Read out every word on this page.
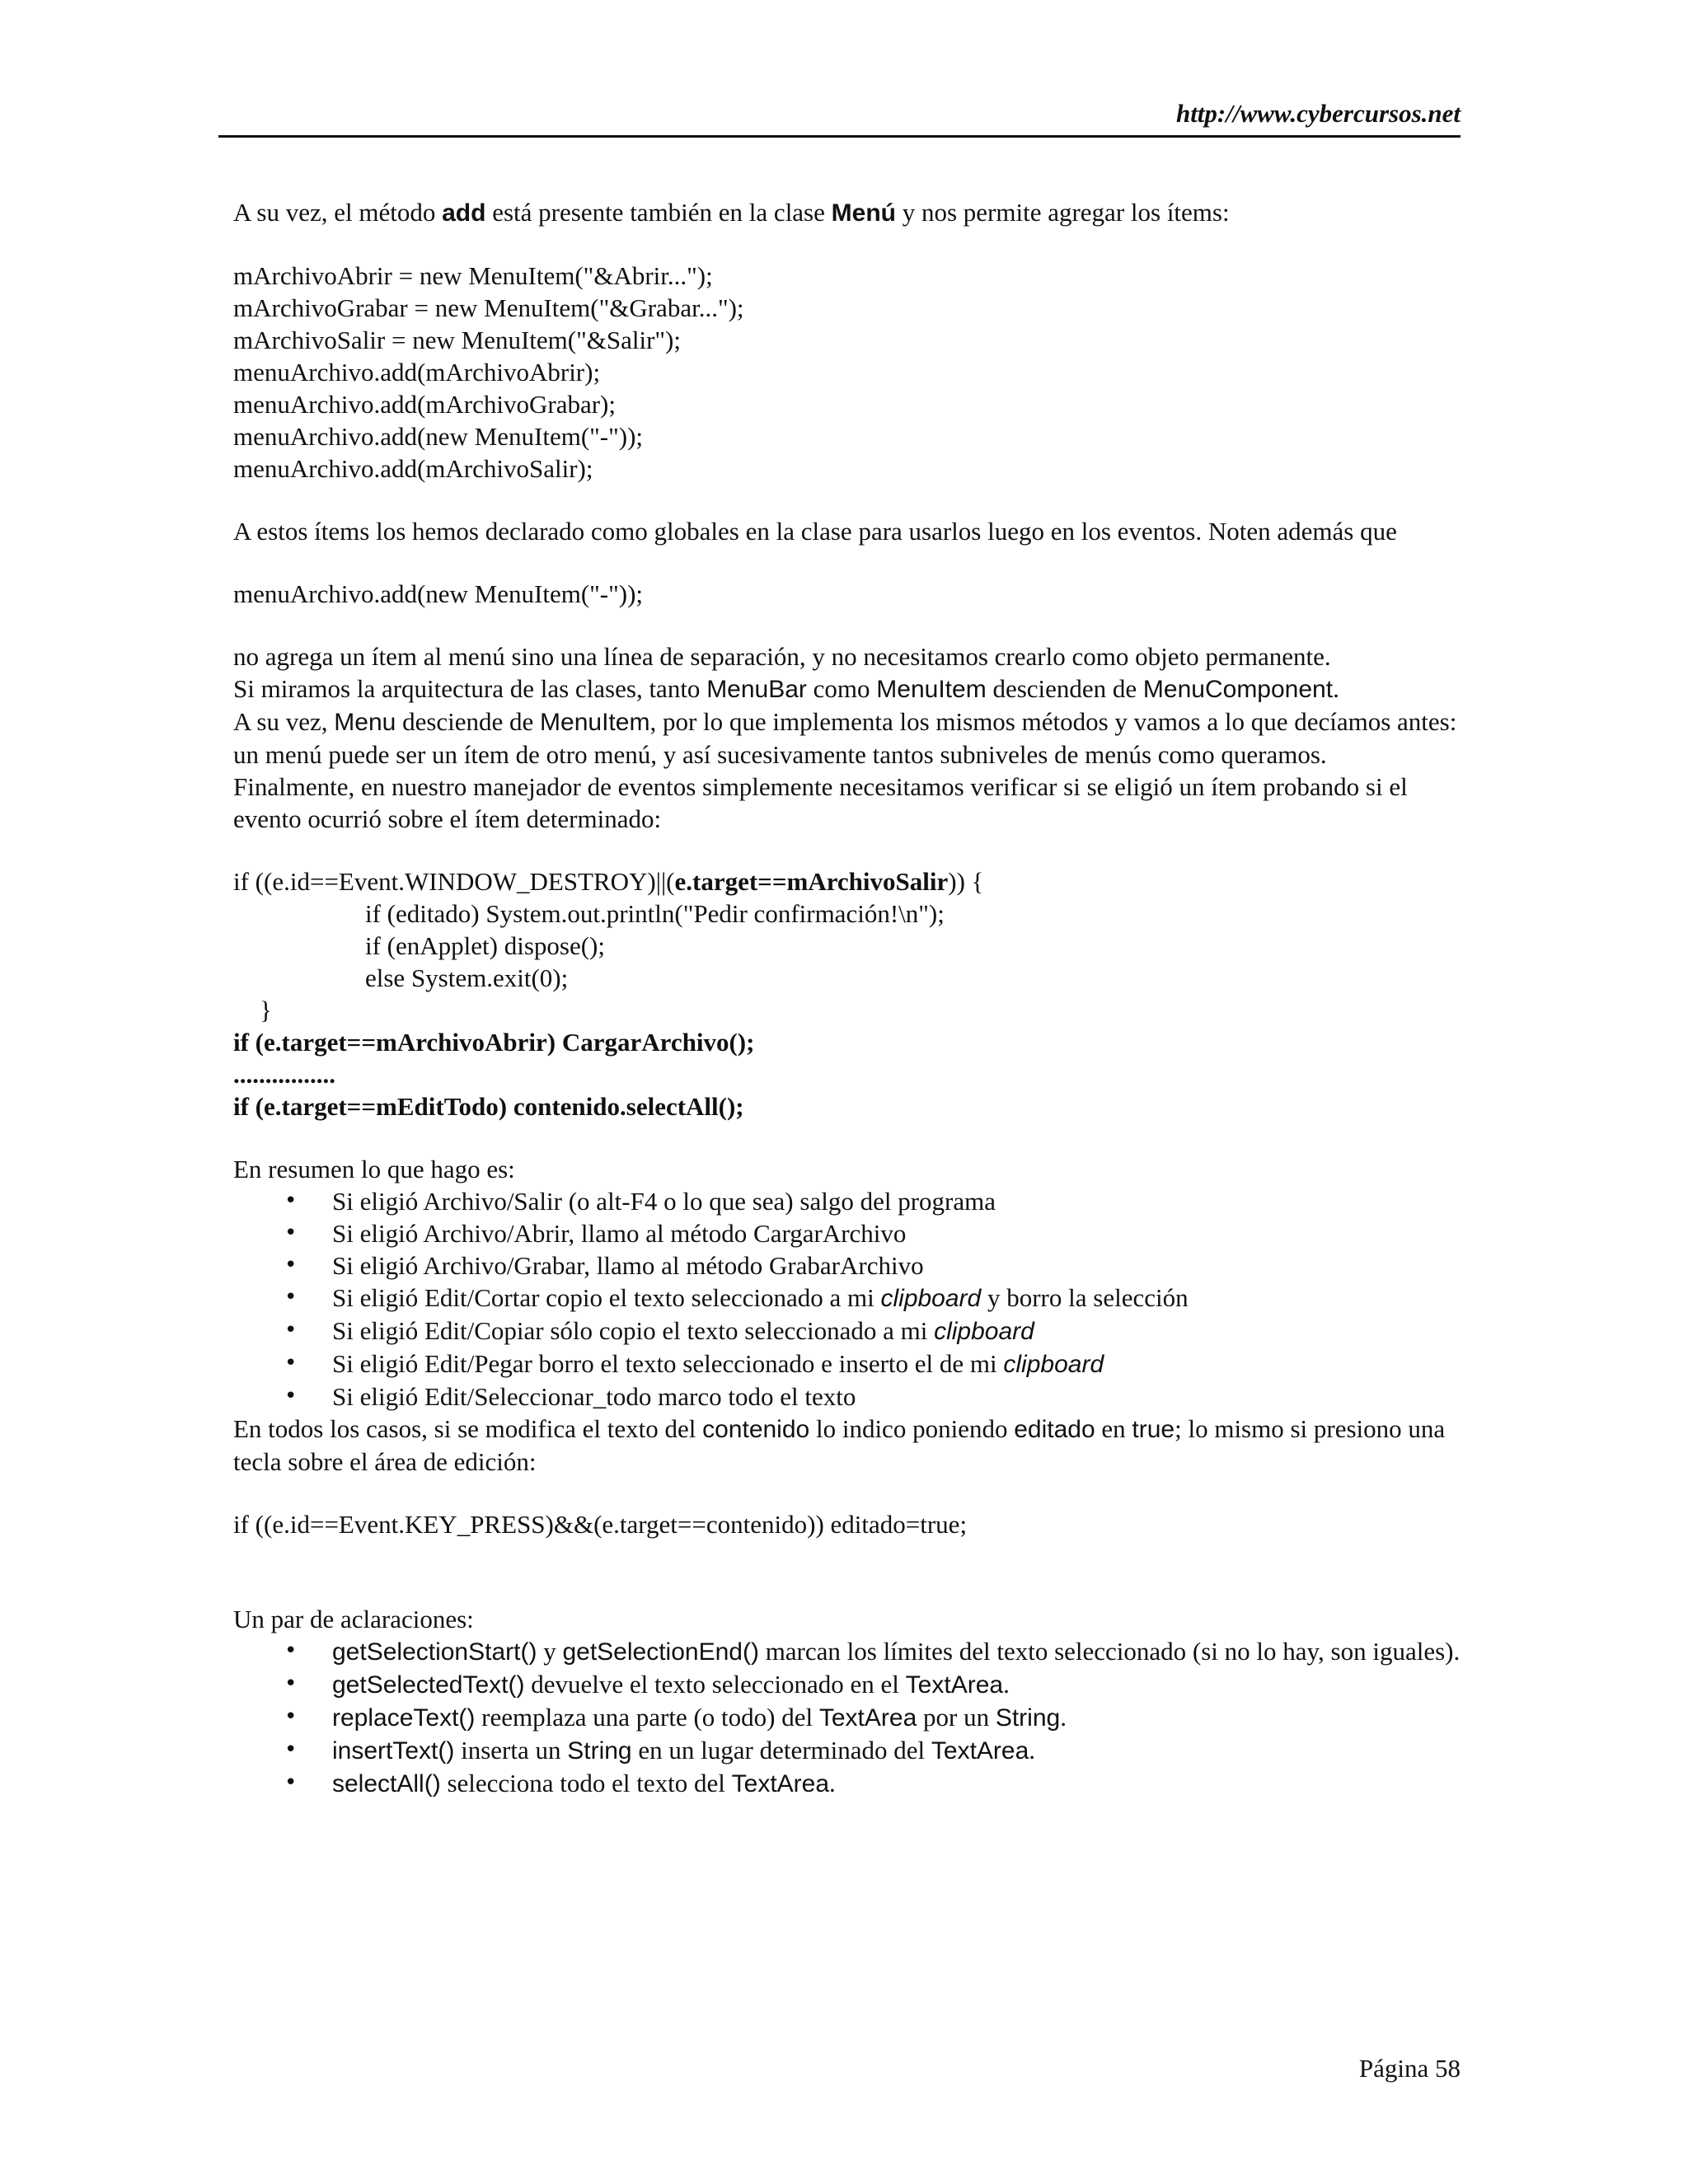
http://www.cybercursos.net

A su vez, el método add está presente también en la clase Menú y nos permite agregar los ítems:

mArchivoAbrir = new MenuItem("&Abrir...");

mArchivoGrabar = new MenuItem("&Grabar...");

mArchivoSalir = new MenuItem("&Salir");

menuArchivo.add(mArchivoAbrir);

menuArchivo.add(mArchivoGrabar);

menuArchivo.add(new MenuItem("-"));

menuArchivo.add(mArchivoSalir);

A estos ítems los hemos declarado como globales en la clase para usarlos luego en los eventos. Noten además que

menuArchivo.add(new MenuItem("-"));

no agrega un ítem al menú sino una línea de separación, y no necesitamos crearlo como objeto permanente.

Si miramos la arquitectura de las clases, tanto MenuBar como MenuItem descienden de MenuComponent.

A su vez, Menu desciende de MenuItem, por lo que implementa los mismos métodos y vamos a lo que decíamos antes: un menú puede ser un ítem de otro menú, y así sucesivamente tantos subniveles de menús como queramos.

Finalmente, en nuestro manejador de eventos simplemente necesitamos verificar si se eligió un ítem probando si el evento ocurrió sobre el ítem determinado:

if ((e.id==Event.WINDOW_DESTROY)||(e.target==mArchivoSalir)) {

if (editado) System.out.println("Pedir confirmación!\n");

if (enApplet) dispose();

else System.exit(0);

}

if (e.target==mArchivoAbrir) CargarArchivo();

................

if (e.target==mEditTodo) contenido.selectAll();

En resumen lo que hago es:

• Si eligió Archivo/Salir (o alt-F4 o lo que sea) salgo del programa
• Si eligió Archivo/Abrir, llamo al método CargarArchivo
• Si eligió Archivo/Grabar, llamo al método GrabarArchivo
• Si eligió Edit/Cortar copio el texto seleccionado a mi clipboard y borro la selección
• Si eligió Edit/Copiar sólo copio el texto seleccionado a mi clipboard
• Si eligió Edit/Pegar borro el texto seleccionado e inserto el de mi clipboard
• Si eligió Edit/Seleccionar_todo marco todo el texto

En todos los casos, si se modifica el texto del contenido lo indico poniendo editado en true; lo mismo si presiono una tecla sobre el área de edición:

if ((e.id==Event.KEY_PRESS)&&(e.target==contenido)) editado=true;

Un par de aclaraciones:

• getSelectionStart() y getSelectionEnd() marcan los límites del texto seleccionado (si no lo hay, son iguales).
• getSelectedText() devuelve el texto seleccionado en el TextArea.
• replaceText() reemplaza una parte (o todo) del TextArea por un String.
• insertText() inserta un String en un lugar determinado del TextArea.
• selectAll() selecciona todo el texto del TextArea.
Página 58
